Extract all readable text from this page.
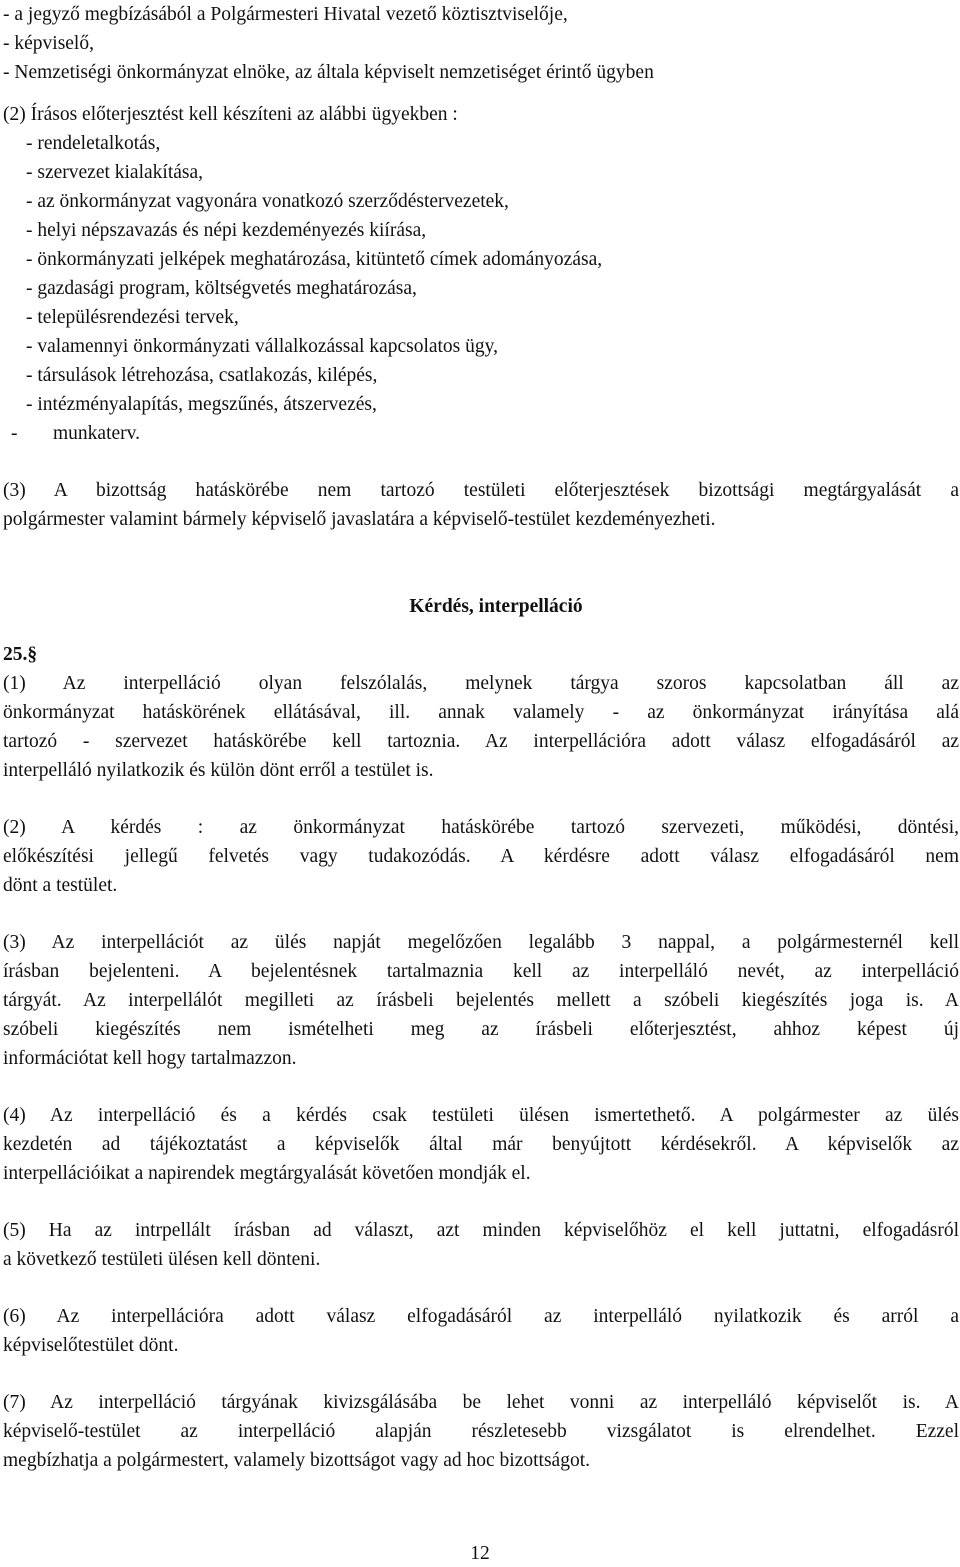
- a jegyző megbízásából a Polgármesteri Hivatal vezető köztisztviselője,
- képviselő,
- Nemzetiségi önkormányzat elnöke, az általa képviselt nemzetiséget érintő ügyben
(2) Írásos előterjesztést kell készíteni az alábbi ügyekben :
- rendeletalkotás,
- szervezet kialakítása,
- az önkormányzat vagyonára vonatkozó szerződéstervezetek,
- helyi népszavazás és népi kezdeményezés kiírása,
- önkormányzati jelképek meghatározása, kitüntető címek adományozása,
- gazdasági program, költségvetés meghatározása,
- településrendezési tervek,
- valamennyi önkormányzati vállalkozással kapcsolatos ügy,
- társulások létrehozása, csatlakozás, kilépés,
- intézményalapítás, megszűnés, átszervezés,
- munkaterv.
(3) A bizottság hatáskörébe nem tartozó testületi előterjesztések bizottsági megtárgyalását a
polgármester valamint bármely képviselő javaslatára a képviselő-testület kezdeményezheti.
Kérdés, interpelláció
25.§
(1) Az interpelláció olyan felszólalás, melynek tárgya szoros kapcsolatban áll az
önkormányzat hatáskörének ellátásával, ill. annak valamely - az önkormányzat irányítása alá
tartozó - szervezet hatáskörébe kell tartoznia. Az interpellációra adott válasz elfogadásáról az
interpelláló nyilatkozik és külön dönt erről a testület is.
(2) A kérdés : az önkormányzat hatáskörébe tartozó szervezeti, működési, döntési,
előkészítési jellegű felvetés vagy tudakozódás. A kérdésre adott válasz elfogadásáról nem
dönt a testület.
(3) Az interpellációt az ülés napját megelőzően legalább 3 nappal, a polgármesternél kell
írásban bejelenteni. A bejelentésnek tartalmaznia kell az interpelláló nevét, az interpelláció
tárgyát. Az interpellálót megilleti az írásbeli bejelentés mellett a szóbeli kiegészítés joga is. A
szóbeli kiegészítés nem ismételheti meg az írásbeli előterjesztést, ahhoz képest új
információtat kell hogy tartalmazzon.
(4) Az interpelláció és a kérdés csak testületi ülésen ismertethető. A polgármester az ülés
kezdetén ad tájékoztatást a képviselők által már benyújtott kérdésekről. A képviselők az
interpellációikat a napirendek megtárgyalását követően mondják el.
(5) Ha az intrpellált írásban ad választ, azt minden képviselőhöz el kell juttatni, elfogadásról
a következő testületi ülésen kell dönteni.
(6) Az interpellációra adott válasz elfogadásáról az interpelláló nyilatkozik és arról a
képviselőtestület dönt.
(7) Az interpelláció tárgyának kivizsgálásába be lehet vonni az interpelláló képviselőt is. A
képviselő-testület az interpelláció alapján részletesebb vizsgálatot is elrendelhet. Ezzel
megbízhatja a polgármestert, valamely bizottságot vagy ad hoc bizottságot.
12
